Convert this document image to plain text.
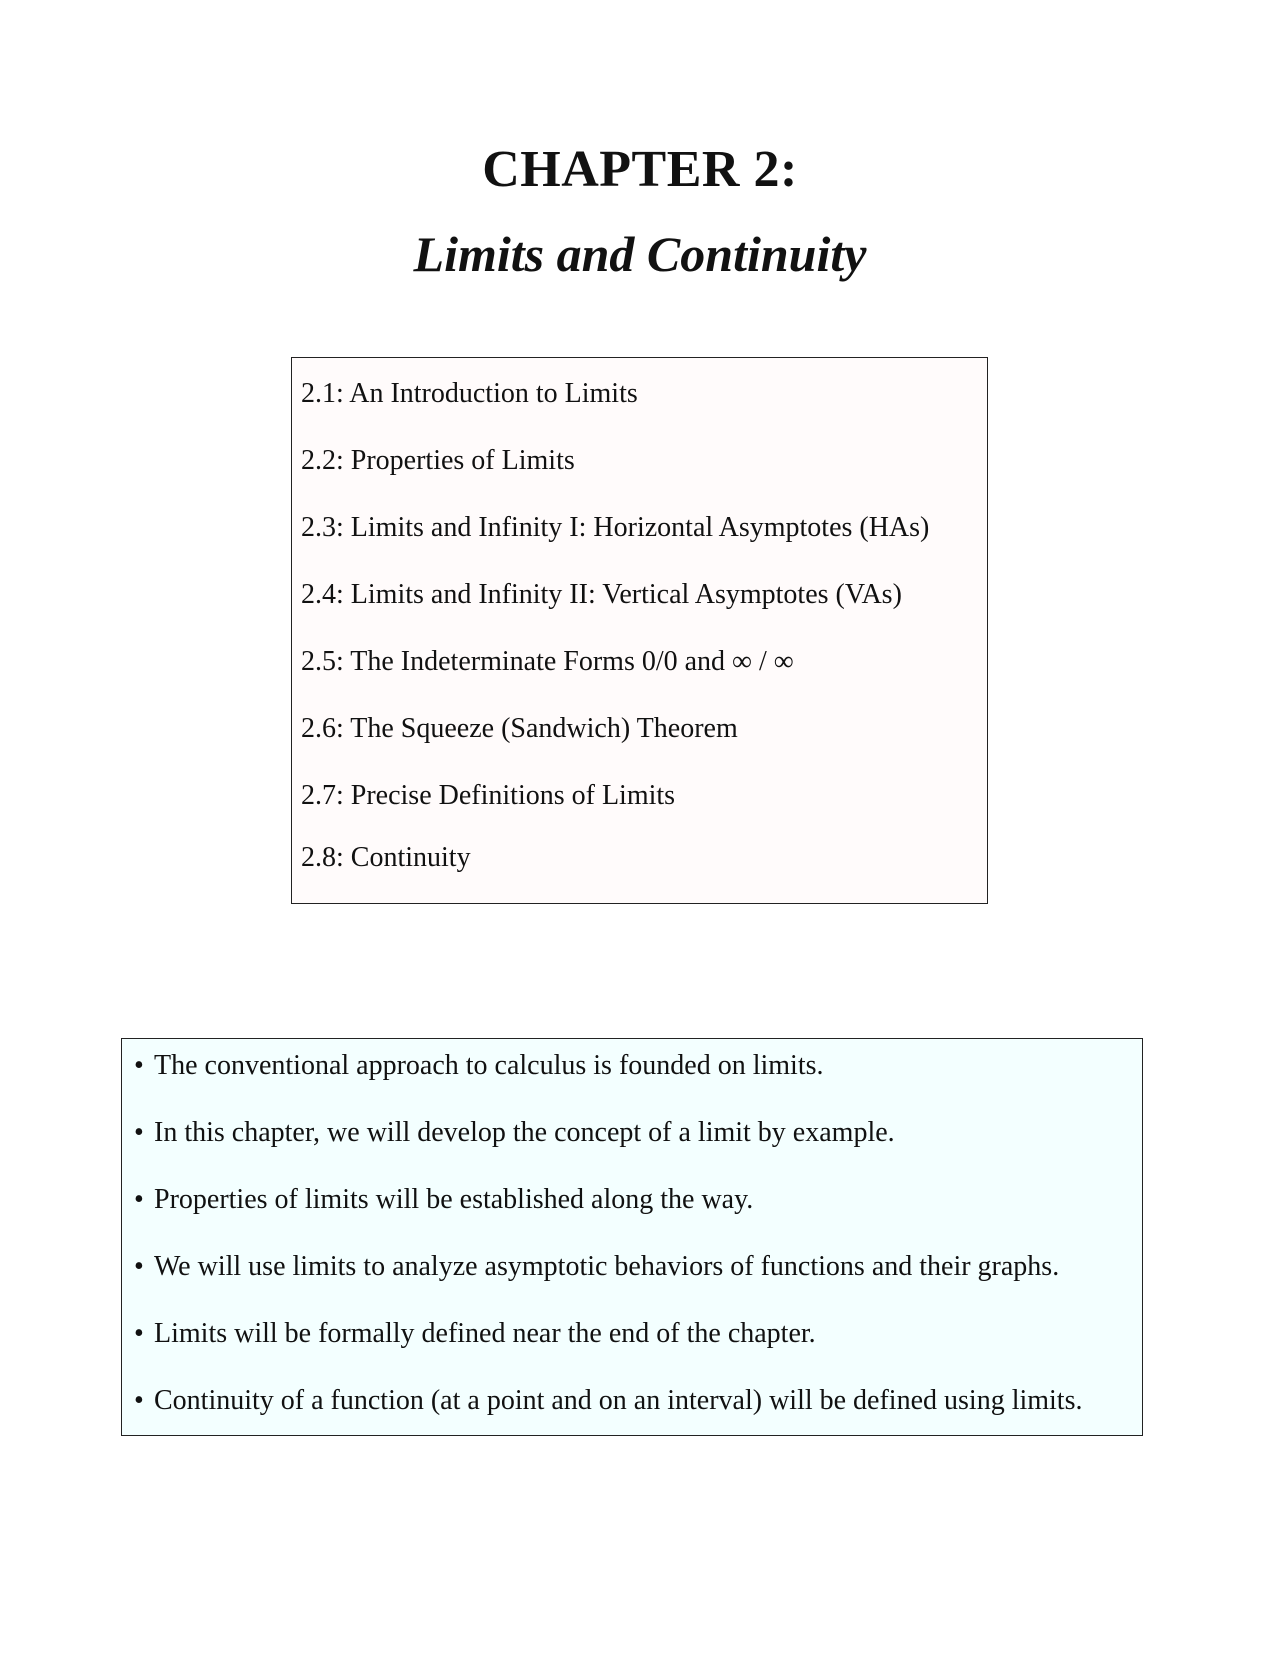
CHAPTER 2:
Limits and Continuity
2.1: An Introduction to Limits
2.2: Properties of Limits
2.3: Limits and Infinity I: Horizontal Asymptotes (HAs)
2.4: Limits and Infinity II: Vertical Asymptotes (VAs)
2.5: The Indeterminate Forms 0/0 and ∞ / ∞
2.6: The Squeeze (Sandwich) Theorem
2.7: Precise Definitions of Limits
2.8: Continuity
• The conventional approach to calculus is founded on limits.
• In this chapter, we will develop the concept of a limit by example.
• Properties of limits will be established along the way.
• We will use limits to analyze asymptotic behaviors of functions and their graphs.
• Limits will be formally defined near the end of the chapter.
• Continuity of a function (at a point and on an interval) will be defined using limits.
